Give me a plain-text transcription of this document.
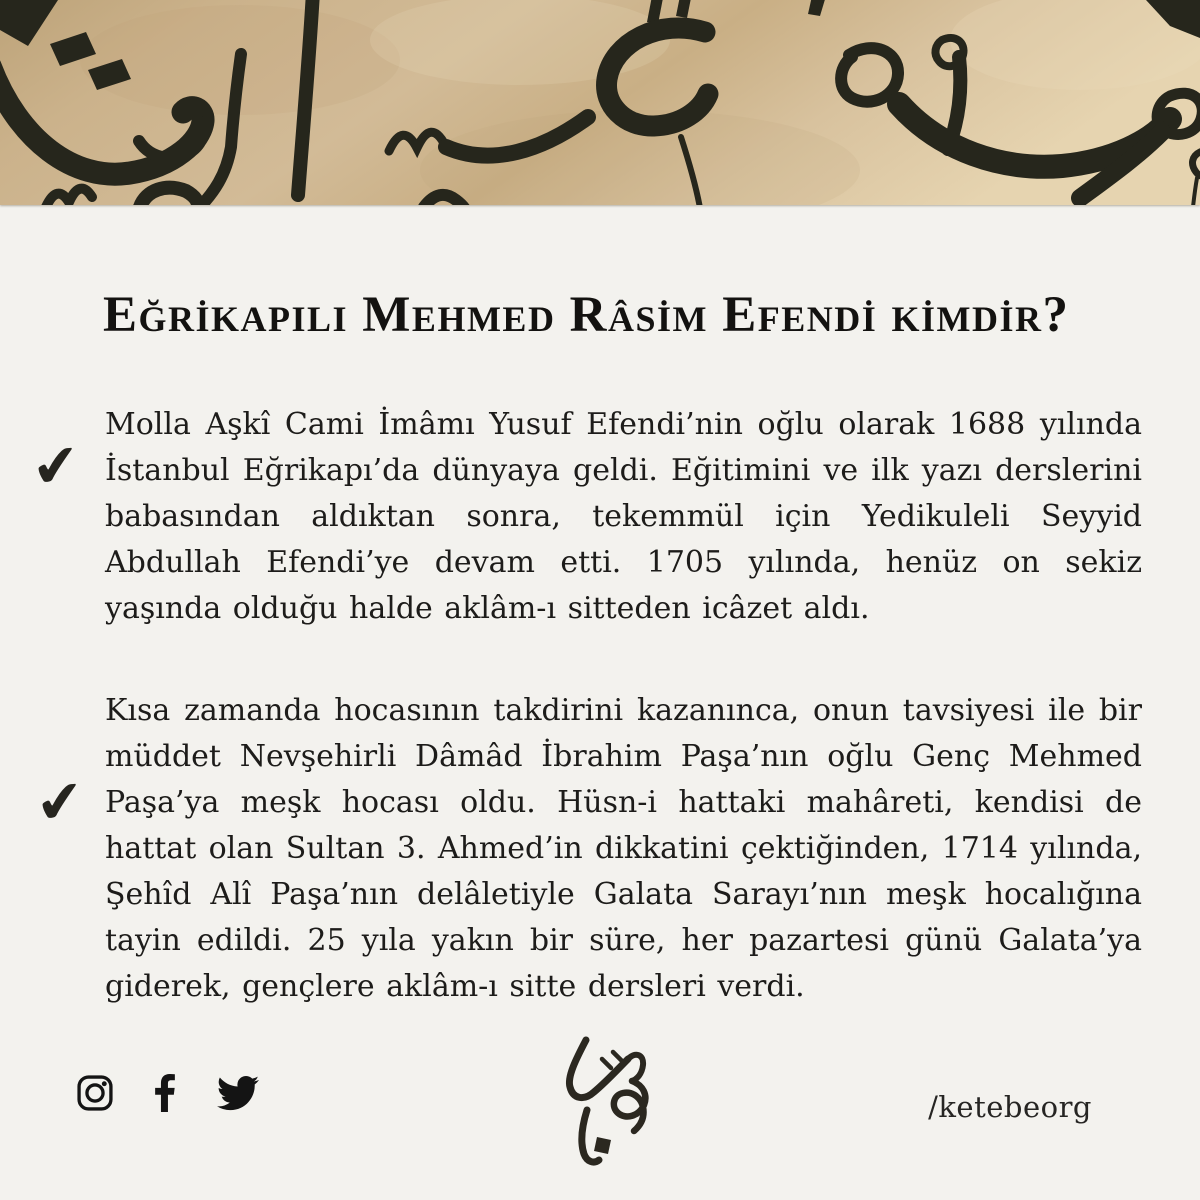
Eğrikapılı Mehmed Râsim Efendi kimdir?
✔
✔

Molla Aşkî Cami İmâmı Yusuf Efendi’nin oğlu olarak 1688 yılında İstanbul Eğrikapı’da dünyaya geldi. Eğitimini ve ilk yazı derslerini babasından aldıktan sonra, tekemmül için Yedikuleli Seyyid Abdullah Efendi’ye devam etti. 1705 yılında, henüz on sekiz yaşında olduğu halde aklâm-ı sitteden icâzet aldı.

Kısa zamanda hocasının takdirini kazanınca, onun tavsiyesi ile bir müddet Nevşehirli Dâmâd İbrahim Paşa’nın oğlu Genç Mehmed Paşa’ya meşk hocası oldu. Hüsn-i hattaki mahâreti, kendisi de hattat olan Sultan 3. Ahmed’in dikkatini çektiğinden, 1714 yılında, Şehîd Alî Paşa’nın delâletiyle Galata Sarayı’nın meşk hocalığına tayin edildi. 25 yıla yakın bir süre, her pazartesi günü Galata’ya giderek, gençlere aklâm-ı sitte dersleri verdi.

/ketebeorg
